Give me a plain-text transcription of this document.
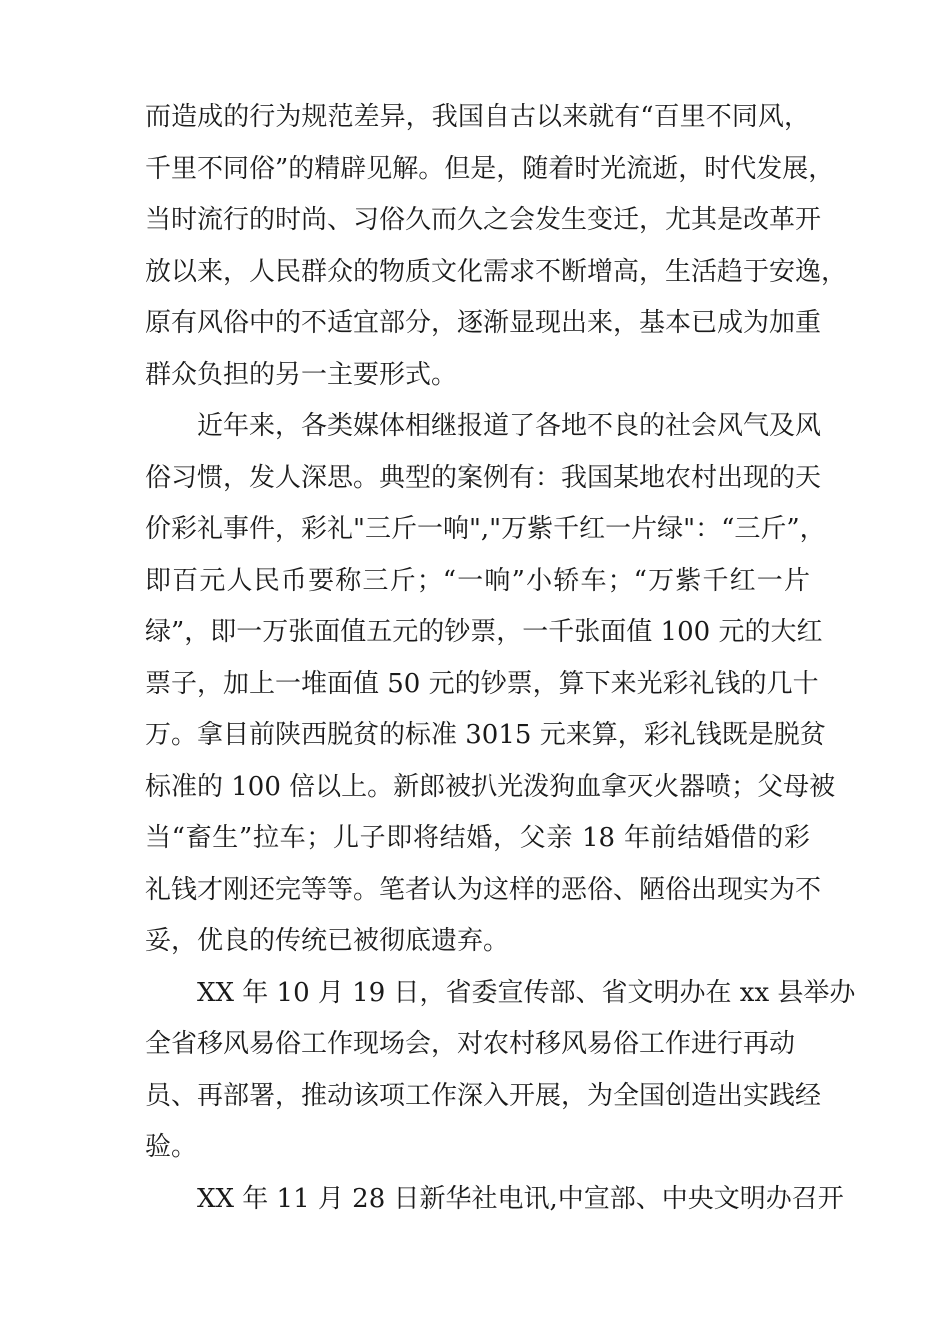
而造成的行为规范差异，我国自古以来就有“百里不同风，
千里不同俗”的精辟见解。但是，随着时光流逝，时代发展，
当时流行的时尚、习俗久而久之会发生变迁，尤其是改革开
放以来，人民群众的物质文化需求不断增高，生活趋于安逸，
原有风俗中的不适宜部分，逐渐显现出来，基本已成为加重
群众负担的另一主要形式。
近年来，各类媒体相继报道了各地不良的社会风气及风
俗习惯，发人深思。典型的案例有：我国某地农村出现的天
价彩礼事件，彩礼"三斤一响","万紫千红一片绿"：“三斤”，
即百元人民币要称三斤；“一响”小轿车；“万紫千红一片
绿”，即一万张面值五元的钞票，一千张面值 100 元的大红
票子，加上一堆面值 50 元的钞票，算下来光彩礼钱的几十
万。拿目前陕西脱贫的标准 3015 元来算，彩礼钱既是脱贫
标准的 100 倍以上。新郎被扒光泼狗血拿灭火器喷；父母被
当“畜生”拉车；儿子即将结婚，父亲 18 年前结婚借的彩
礼钱才刚还完等等。笔者认为这样的恶俗、陋俗出现实为不
妥，优良的传统已被彻底遗弃。
XX 年 10 月 19 日，省委宣传部、省文明办在 xx 县举办
全省移风易俗工作现场会，对农村移风易俗工作进行再动
员、再部署，推动该项工作深入开展，为全国创造出实践经
验。
XX 年 11 月 28 日新华社电讯,中宣部、中央文明办召开
